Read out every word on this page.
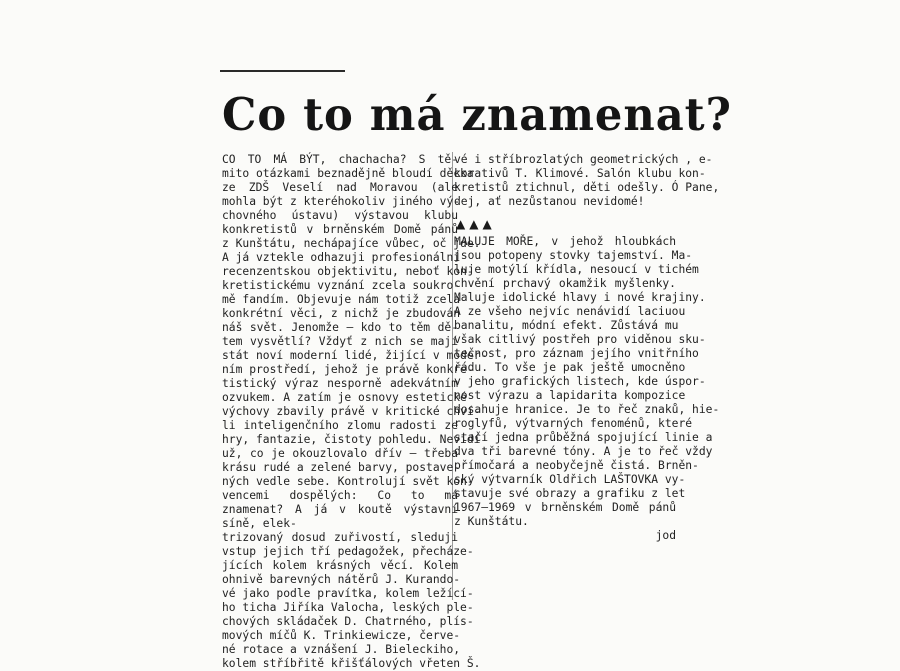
Co to má znamenat?
CO TO MÁ BÝT, chachacha? S tě-
mito otázkami beznadějně bloudí děcka
ze ZDŠ Veselí nad Moravou (ale
mohla být z kteréhokoliv jiného vý-
chovného ústavu) výstavou klubu
konkretistů v brněnském Domě pánů
z Kunštátu, nechápajíce vůbec, oč jde.
A já vztekle odhazuji profesionální
recenzentskou objektivitu, neboť kon-
kretistickému vyznání zcela soukro-
mě fandím. Objevuje nám totiž zcela
konkrétní věci, z nichž je zbudován
náš svět. Jenomže — kdo to těm dě-
tem vysvětlí? Vždyť z nich se mají
stát noví moderní lidé, žijící v moder-
ním prostředí, jehož je právě konkre-
tistický výraz nesporně adekvátním
ozvukem. A zatím je osnovy estetické
výchovy zbavily právě v kritické chví-
li inteligenčního zlomu radosti ze
hry, fantazie, čistoty pohledu. Nevidí
už, co je okouzlovalo dřív — třeba
krásu rudé a zelené barvy, postave-
ných vedle sebe. Kontrolují svět kon-
vencemi dospělých: Co to má znamenat? A já v koutě výstavní síně, elek-
trizovaný dosud zuřivostí, sleduji
vstup jejich tří pedagožek, přecháze-
jících kolem krásných věcí. Kolem
ohnivě barevných nátěrů J. Kurando-
vé jako podle pravítka, kolem ležící-
ho ticha Jiříka Valocha, leských ple-
chových skládaček D. Chatrného, plís-
mových míčů K. Trinkiewicze, červe-
né rotace a vznášení J. Bieleckiho,
kolem stříbřitě křišťálových vřeten Š.
vé i stříbrozlatých geometrických , e-
korativů T. Klimové. Salón klubu kon-
kretistů ztichnul, děti odešly. Ó Pane,
dej, ať nezůstanou nevidomé!
▲▲▲
MALUJE MOŘE, v jehož hloubkách
jsou potopeny stovky tajemství. Ma-
luje motýlí křídla, nesoucí v tichém
chvění prchavý okamžik myšlenky.
Maluje idolické hlavy i nové krajiny.
A ze všeho nejvíc nenávidí laciuou
banalitu, módní efekt. Zůstává mu
však citlivý postřeh pro viděnou sku-
tečnost, pro záznam jejího vnitřního
řádu. To vše je pak ještě umocněno
v jeho grafických listech, kde úspor-
nost výrazu a lapidarita kompozice
dosahuje hranice. Je to řeč znaků, hie-
roglyfů, výtvarných fenoménů, které
stačí jedna průběžná spojující linie a
dva tři barevné tóny. A je to řeč vždy
přímočará a neobyčejně čistá. Brněn-
ský výtvarník Oldřich LAŠTOVKA vy-
stavuje své obrazy a grafiku z let
1967—1969 v brněnském Domě pánů
z Kunštátu.
jod
